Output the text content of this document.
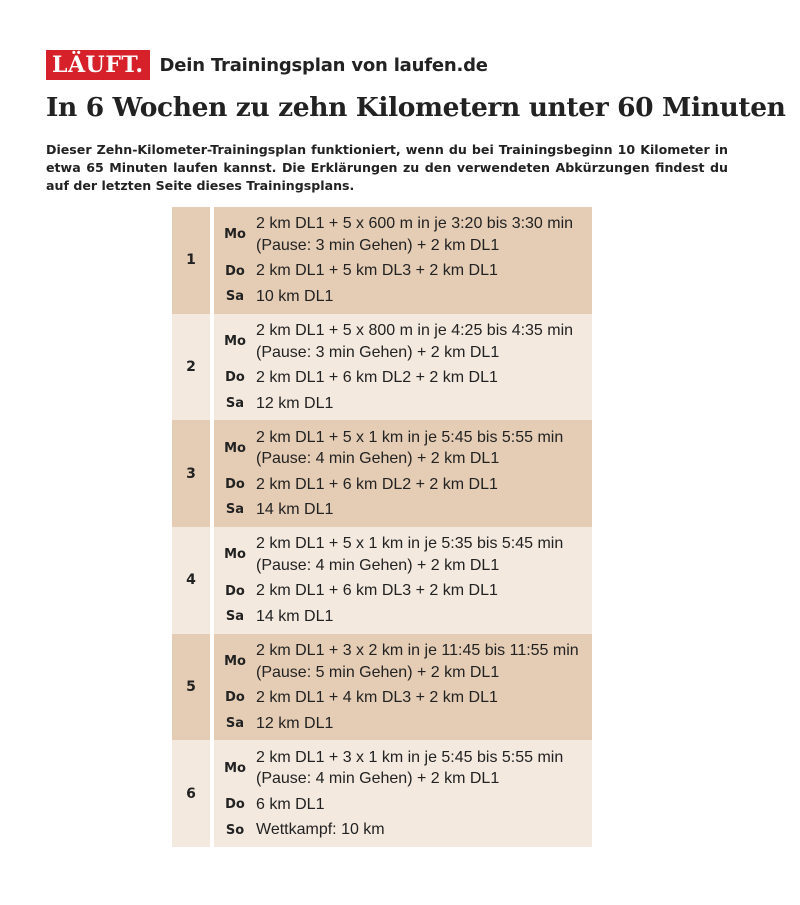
LÄUFT. Dein Trainingsplan von laufen.de
In 6 Wochen zu zehn Kilometern unter 60 Minuten

Dieser Zehn-Kilometer-Trainingsplan funktioniert, wenn du bei Trainingsbeginn 10 Kilometer in etwa 65 Minuten laufen kannst. Die Erklärungen zu den verwendeten Abkürzungen findest du auf der letzten Seite dieses Trainingsplans.

1
Mo
2 km DL1 + 5 x 600 m in je 3:20 bis 3:30 min
(Pause: 3 min Gehen) + 2 km DL1
Do 2 km DL1 + 5 km DL3 + 2 km DL1
Sa 10 km DL1
2
Mo
2 km DL1 + 5 x 800 m in je 4:25 bis 4:35 min
(Pause: 3 min Gehen) + 2 km DL1
Do 2 km DL1 + 6 km DL2 + 2 km DL1
Sa 12 km DL1
3
Mo
2 km DL1 + 5 x 1 km in je 5:45 bis 5:55 min
(Pause: 4 min Gehen) + 2 km DL1
Do 2 km DL1 + 6 km DL2 + 2 km DL1
Sa 14 km DL1
4
Mo
2 km DL1 + 5 x 1 km in je 5:35 bis 5:45 min
(Pause: 4 min Gehen) + 2 km DL1
Do 2 km DL1 + 6 km DL3 + 2 km DL1
Sa 14 km DL1
5
Mo
2 km DL1 + 3 x 2 km in je 11:45 bis 11:55 min
(Pause: 5 min Gehen) + 2 km DL1
Do 2 km DL1 + 4 km DL3 + 2 km DL1
Sa 12 km DL1
6
Mo
2 km DL1 + 3 x 1 km in je 5:45 bis 5:55 min
(Pause: 4 min Gehen) + 2 km DL1
Do 6 km DL1
So Wettkampf: 10 km
